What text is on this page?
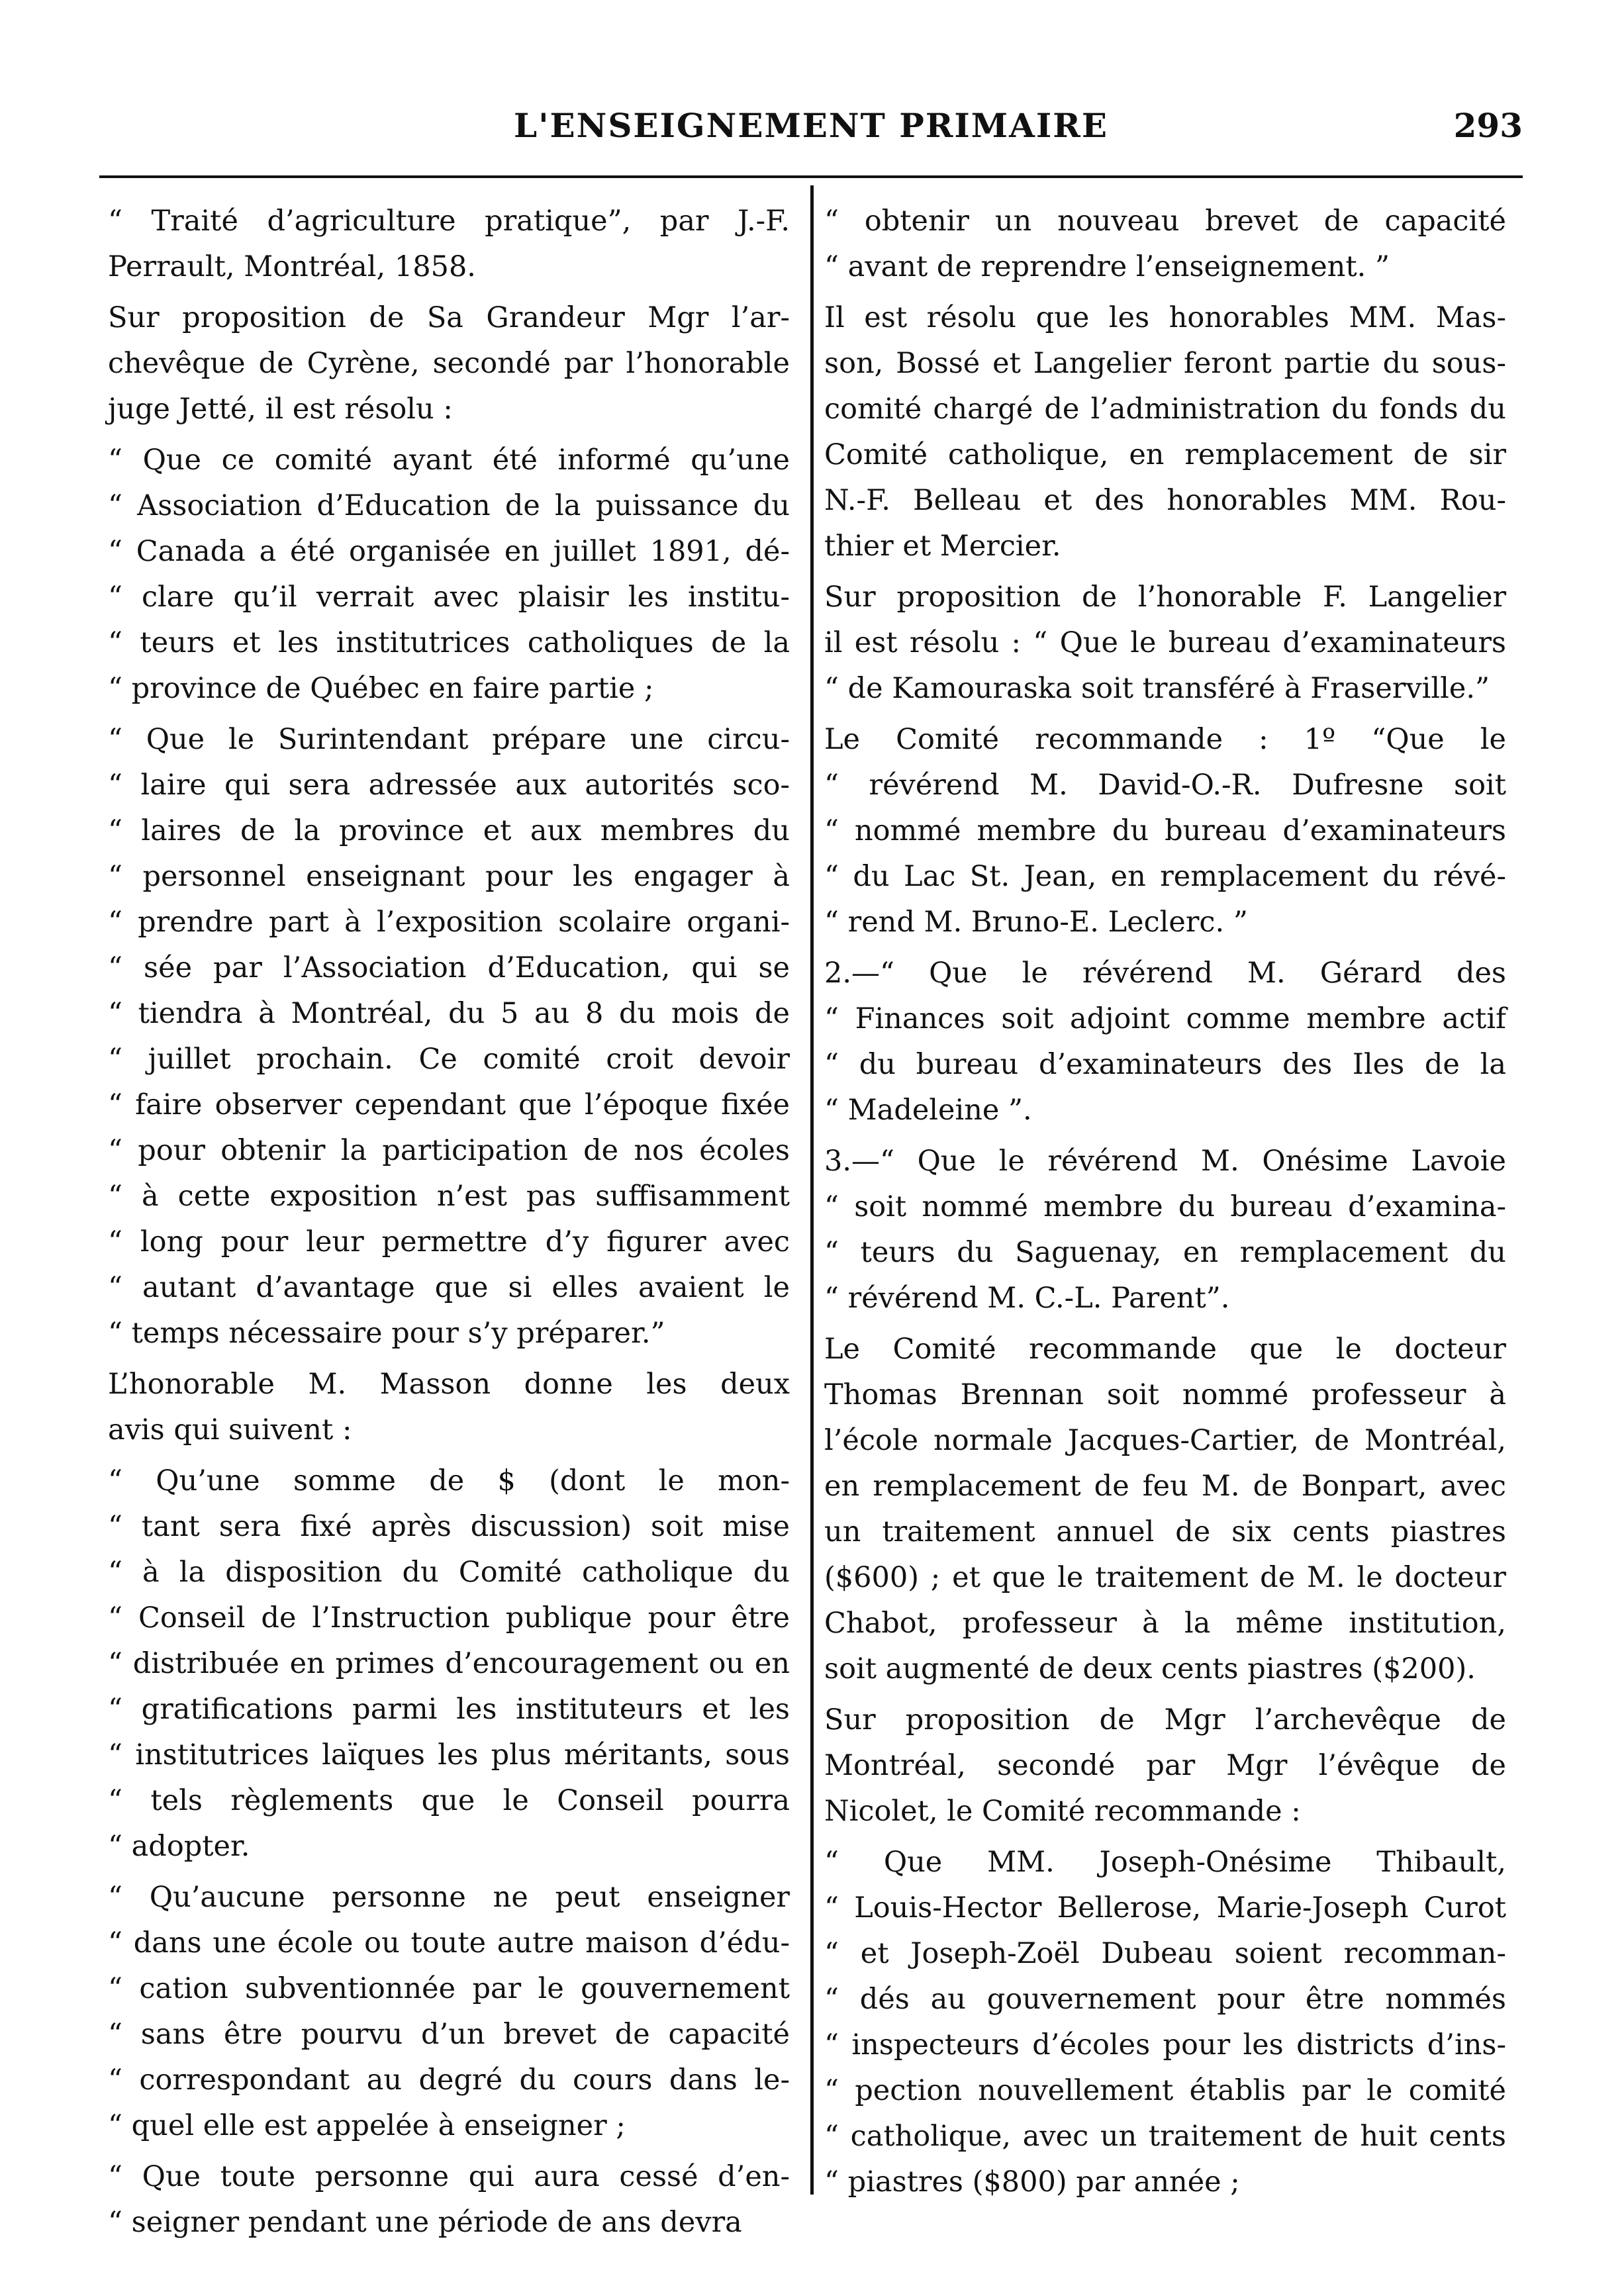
L'ENSEIGNEMENT PRIMAIRE	293
“ Traité d’agriculture pratique”, par J.-F.
Perrault, Montréal, 1858.
Sur proposition de Sa Grandeur Mgr l’ar-
chevêque de Cyrène, secondé par l’honorable
juge Jetté, il est résolu :
“ Que ce comité ayant été informé qu’une
“ Association d’Education de la puissance du
“ Canada a été organisée en juillet 1891, dé-
“ clare qu’il verrait avec plaisir les institu-
“ teurs et les institutrices catholiques de la
“ province de Québec en faire partie ;
“ Que le Surintendant prépare une circu-
“ laire qui sera adressée aux autorités sco-
“ laires de la province et aux membres du
“ personnel enseignant pour les engager à
“ prendre part à l’exposition scolaire organi-
“ sée par l’Association d’Education, qui se
“ tiendra à Montréal, du 5 au 8 du mois de
“ juillet prochain. Ce comité croit devoir
“ faire observer cependant que l’époque fixée
“ pour obtenir la participation de nos écoles
“ à cette exposition n’est pas suffisamment
“ long pour leur permettre d’y figurer avec
“ autant d’avantage que si elles avaient le
“ temps nécessaire pour s’y préparer.”
L’honorable M. Masson donne les deux
avis qui suivent :
“ Qu’une somme de $ (dont le mon-
“ tant sera fixé après discussion) soit mise
“ à la disposition du Comité catholique du
“ Conseil de l’Instruction publique pour être
“ distribuée en primes d’encouragement ou en
“ gratifications parmi les instituteurs et les
“ institutrices laïques les plus méritants, sous
“ tels règlements que le Conseil pourra
“ adopter.
“ Qu’aucune personne ne peut enseigner
“ dans une école ou toute autre maison d’édu-
“ cation subventionnée par le gouvernement
“ sans être pourvu d’un brevet de capacité
“ correspondant au degré du cours dans le-
“ quel elle est appelée à enseigner ;
“ Que toute personne qui aura cessé d’en-
“ seigner pendant une période de ans devra
“ obtenir un nouveau brevet de capacité
“ avant de reprendre l’enseignement. ”
Il est résolu que les honorables MM. Mas-
son, Bossé et Langelier feront partie du sous-
comité chargé de l’administration du fonds du
Comité catholique, en remplacement de sir
N.-F. Belleau et des honorables MM. Rou-
thier et Mercier.
Sur proposition de l’honorable F. Langelier
il est résolu : “ Que le bureau d’examinateurs
“ de Kamouraska soit transféré à Fraserville.”
Le Comité recommande : 1º “Que le
“ révérend M. David-O.-R. Dufresne soit
“ nommé membre du bureau d’examinateurs
“ du Lac St. Jean, en remplacement du révé-
“ rend M. Bruno-E. Leclerc. ”
2.—“ Que le révérend M. Gérard des
“ Finances soit adjoint comme membre actif
“ du bureau d’examinateurs des Iles de la
“ Madeleine ”.
3.—“ Que le révérend M. Onésime Lavoie
“ soit nommé membre du bureau d’examina-
“ teurs du Saguenay, en remplacement du
“ révérend M. C.-L. Parent”.
Le Comité recommande que le docteur
Thomas Brennan soit nommé professeur à
l’école normale Jacques-Cartier, de Montréal,
en remplacement de feu M. de Bonpart, avec
un traitement annuel de six cents piastres
($600) ; et que le traitement de M. le docteur
Chabot, professeur à la même institution,
soit augmenté de deux cents piastres ($200).
Sur proposition de Mgr l’archevêque de
Montréal, secondé par Mgr l’évêque de
Nicolet, le Comité recommande :
“ Que MM. Joseph-Onésime Thibault,
“ Louis-Hector Bellerose, Marie-Joseph Curot
“ et Joseph-Zoël Dubeau soient recomman-
“ dés au gouvernement pour être nommés
“ inspecteurs d’écoles pour les districts d’ins-
“ pection nouvellement établis par le comité
“ catholique, avec un traitement de huit cents
“ piastres ($800) par année ;
